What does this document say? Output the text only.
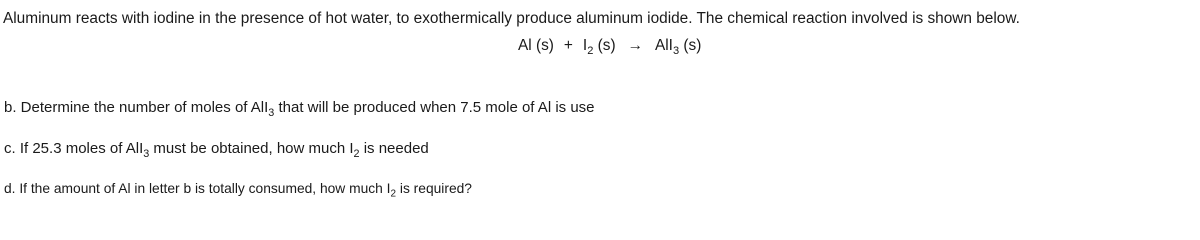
Aluminum reacts with iodine in the presence of hot water, to exothermically produce aluminum iodide. The chemical reaction involved is shown below.
Al $(s) + I_2$ (s) → AlI$_3$ (s)
b. Determine the number of moles of AlI$_3$ that will be produced when 7.5 mole of Al is use
c. If 25.3 moles of AlI$_3$ must be obtained, how much $I_2$ is needed
d. If the amount of Al in letter b is totally consumed, how much $I_2$ is required?
